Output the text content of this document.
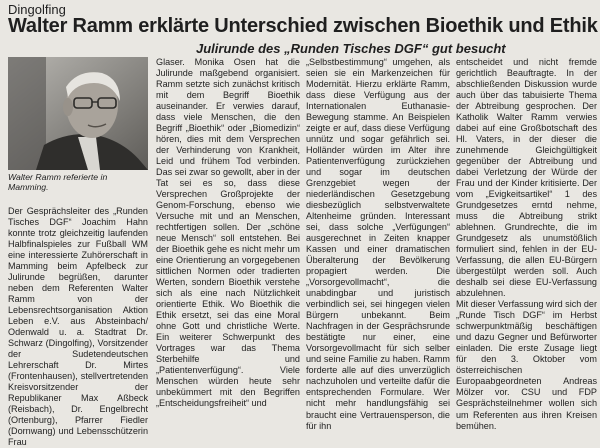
Dingolfing
Walter Ramm erklärte Unterschied zwischen Bioethik und Ethik
Julirunde des „Runden Tisches DGF“ gut besucht
Walter Ramm referierte in Mamming.

Der Gesprächsleiter des „Runden Tisches DGF“ Joachim Hahn konnte trotz gleichzeitig laufenden Halbfinalspieles zur Fußball WM eine interessierte Zuhörerschaft in Mamming beim Apfelbeck zur Julirunde begrüßen, darunter neben dem Referenten Walter Ramm von der Lebensrechtsorganisation Aktion Leben e.V. aus Absteinbach/ Odenwald u. a. Stadtrat Dr. Schwarz (Dingolfing), Vorsitzender der Sudetendeutschen Lehrerschaft Dr. Mirtes (Frontenhausen), stellvertretenden Kreisvorsitzender der Republikaner Max Aßbeck (Reisbach), Dr. Engelbrecht (Ortenburg), Pfarrer Fiedler (Dornwang) und Lebensschützerin Frau

Glaser. Monika Osen hat die Julirunde maßgebend organisiert. Ramm setzte sich zunächst kritisch mit dem Begriff Bioethik auseinander. Er verwies darauf, dass viele Menschen, die den Begriff „Bioethik“ oder „Biomedizin“ hören, dies mit dem Versprechen der Verhinderung von Krankheit, Leid und frühem Tod verbinden. Das sei zwar so gewollt, aber in der Tat sei es so, dass diese Versprechen Großprojekte der Genom-Forschung, ebenso wie Versuche mit und an Menschen, rechtfertigen sollen. Der „schöne neue Mensch“ soll entstehen. Bei der Bioethik gehe es nicht mehr um eine Orientierung an vorgegebenen sittlichen Normen oder tradierten Werten, sondern Bioethik verstehe sich als eine nach Nützlichkeit orientierte Ethik. Wo Bioethik die Ethik ersetzt, sei das eine Moral ohne Gott und christliche Werte. Ein weiterer Schwerpunkt des Vortrages war das Thema Sterbehilfe und „Patientenverfügung“. Viele Menschen würden heute sehr unbekümmert mit den Begriffen „Entscheidungsfreiheit“ und

„Selbstbestimmung“ umgehen, als seien sie ein Markenzeichen für Modernität. Hierzu erklärte Ramm, dass diese Verfügung aus der Internationalen Euthanasie-Bewegung stamme. An Beispielen zeigte er auf, dass diese Verfügung unnütz und sogar gefährlich sei. Holländer würden im Alter ihre Patientenverfügung zurückziehen und sogar im deutschen Grenzgebiet wegen der niederländischen Gesetzgebung diesbezüglich selbstverwaltete Altenheime gründen. Interessant sei, dass solche „Verfügungen“ ausgerechnet in Zeiten knapper Kassen und einer dramatischen Überalterung der Bevölkerung propagiert werden. Die „Vorsorgevollmacht“, die unabdingbar und juristisch verbindlich sei, sei hingegen vielen Bürgern unbekannt. Beim Nachfragen in der Gesprächsrunde bestätigte nur einer, eine Vorsorgevollmacht für sich selber und seine Familie zu haben. Ramm forderte alle auf dies unverzüglich nachzuholen und verteilte dafür die entsprechenden Formulare. Wer nicht mehr handlungsfähig sei braucht eine Vertrauensperson, die für ihn

entscheidet und nicht fremde gerichtlich Beauftragte. In der abschließenden Diskussion wurde auch über das tabuisierte Thema der Abtreibung gesprochen. Der Katholik Walter Ramm verwies dabei auf eine Großbotschaft des Hl. Vaters, in der dieser die zunehmende Gleichgültigkeit gegenüber der Abtreibung und dabei Verletzung der Würde der Frau und der Kinder kritisierte. Der vom „Evigkeitsartikel“ 1 des Grundgesetzes erntd nehme, muss die Abtreibung strikt ablehnen. Grundrechte, die im Grundgesetz als unumstößlich formuliert sind, fehlen in der EU-Verfassung, die allen EU-Bürgern übergestülpt werden soll. Auch deshalb sei diese EU-Verfassung abzulehnen.

Mit dieser Verfassung wird sich der „Runde Tisch DGF“ im Herbst schwerpunktmäßig beschäftigen und dazu Gegner und Befürworter einladen. Die erste Zusage liegt für den 3. Oktober vom österreichischen Europaabgeordneten Andreas Mölzer vor. CSU und FDP Gesprächsteilnehmer wollen sich um Referenten aus ihren Kreisen bemühen.
